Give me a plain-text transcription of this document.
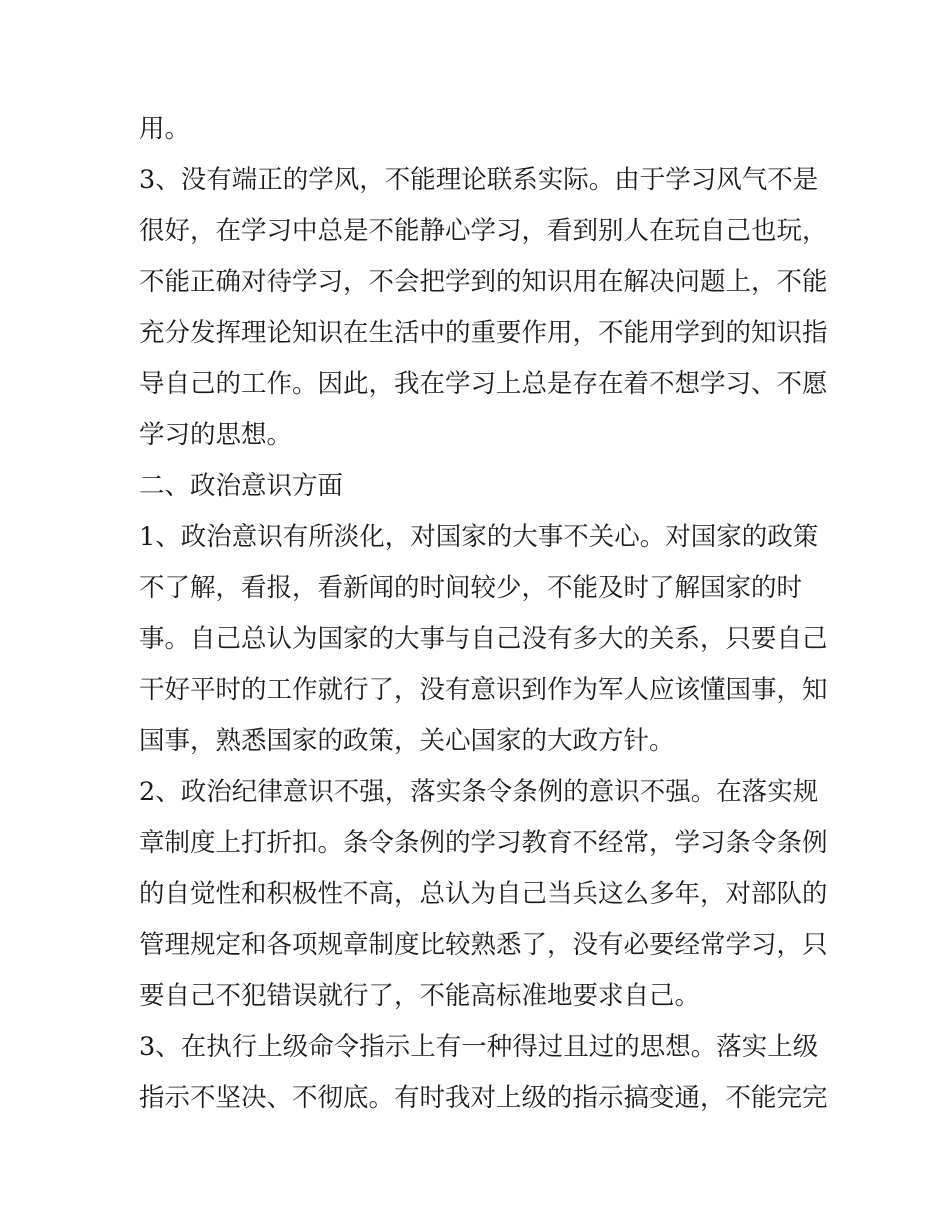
用。
3、没有端正的学风，不能理论联系实际。由于学习风气不是
很好，在学习中总是不能静心学习，看到别人在玩自己也玩，
不能正确对待学习，不会把学到的知识用在解决问题上，不能
充分发挥理论知识在生活中的重要作用，不能用学到的知识指
导自己的工作。因此，我在学习上总是存在着不想学习、不愿
学习的思想。
二、政治意识方面
1、政治意识有所淡化，对国家的大事不关心。对国家的政策
不了解，看报，看新闻的时间较少，不能及时了解国家的时
事。自己总认为国家的大事与自己没有多大的关系，只要自己
干好平时的工作就行了，没有意识到作为军人应该懂国事，知
国事，熟悉国家的政策，关心国家的大政方针。
2、政治纪律意识不强，落实条令条例的意识不强。在落实规
章制度上打折扣。条令条例的学习教育不经常，学习条令条例
的自觉性和积极性不高，总认为自己当兵这么多年，对部队的
管理规定和各项规章制度比较熟悉了，没有必要经常学习，只
要自己不犯错误就行了，不能高标准地要求自己。
3、在执行上级命令指示上有一种得过且过的思想。落实上级
指示不坚决、不彻底。有时我对上级的指示搞变通，不能完完
